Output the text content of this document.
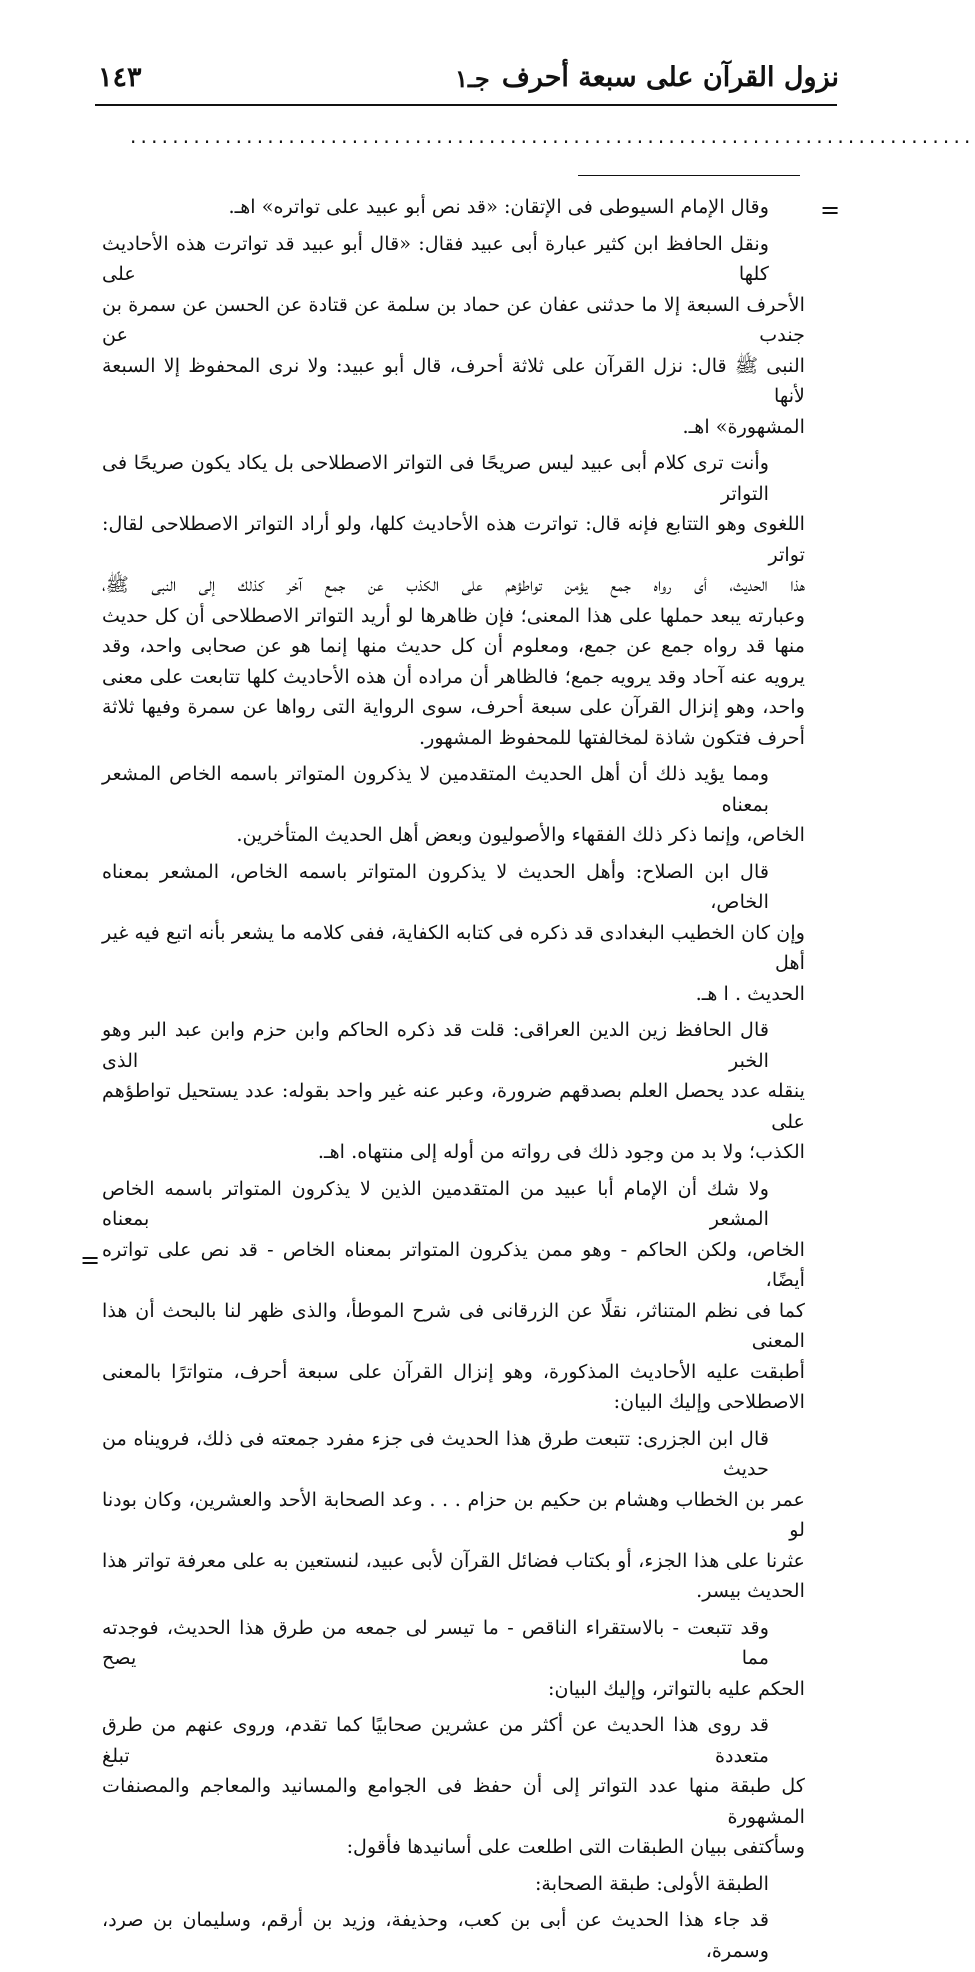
نزول القرآن على سبعة أحرف
جـ١
١٤٣
................................................................................
=
=
وقال الإمام السيوطى فى الإتقان: «قد نص أبو عبيد على تواتره» اهـ.
ونقل الحافظ ابن كثير عبارة أبى عبيد فقال: «قال أبو عبيد قد تواترت هذه الأحاديث كلها على
الأحرف السبعة إلا ما حدثنى عفان عن حماد بن سلمة عن قتادة عن الحسن عن سمرة بن جندب عن
النبى ﷺ قال: نزل القرآن على ثلاثة أحرف، قال أبو عبيد: ولا نرى المحفوظ إلا السبعة لأنها
المشهورة» اهـ.
وأنت ترى كلام أبى عبيد ليس صريحًا فى التواتر الاصطلاحى بل يكاد يكون صريحًا فى التواتر
اللغوى وهو التتابع فإنه قال: تواترت هذه الأحاديث كلها، ولو أراد التواتر الاصطلاحى لقال: تواتر
هذا الحديث، أى رواه جمع يؤمن تواطؤهم على الكذب عن جمع آخر كذلك إلى النبى ﷺ،
وعبارته يبعد حملها على هذا المعنى؛ فإن ظاهرها لو أريد التواتر الاصطلاحى أن كل حديث
منها قد رواه جمع عن جمع، ومعلوم أن كل حديث منها إنما هو عن صحابى واحد، وقد
يرويه عنه آحاد وقد يرويه جمع؛ فالظاهر أن مراده أن هذه الأحاديث كلها تتابعت على معنى
واحد، وهو إنزال القرآن على سبعة أحرف، سوى الرواية التى رواها عن سمرة وفيها ثلاثة
أحرف فتكون شاذة لمخالفتها للمحفوظ المشهور.
ومما يؤيد ذلك أن أهل الحديث المتقدمين لا يذكرون المتواتر باسمه الخاص المشعر بمعناه
الخاص، وإنما ذكر ذلك الفقهاء والأصوليون وبعض أهل الحديث المتأخرين.
قال ابن الصلاح: وأهل الحديث لا يذكرون المتواتر باسمه الخاص، المشعر بمعناه الخاص،
وإن كان الخطيب البغدادى قد ذكره فى كتابه الكفاية، ففى كلامه ما يشعر بأنه اتبع فيه غير أهل
الحديث . ا هـ.
قال الحافظ زين الدين العراقى: قلت قد ذكره الحاكم وابن حزم وابن عبد البر وهو الخبر الذى
ينقله عدد يحصل العلم بصدقهم ضرورة، وعبر عنه غير واحد بقوله: عدد يستحيل تواطؤهم على
الكذب؛ ولا بد من وجود ذلك فى رواته من أوله إلى منتهاه. اهـ.
ولا شك أن الإمام أبا عبيد من المتقدمين الذين لا يذكرون المتواتر باسمه الخاص المشعر بمعناه
الخاص، ولكن الحاكم - وهو ممن يذكرون المتواتر بمعناه الخاص - قد نص على تواتره أيضًا،
كما فى نظم المتناثر، نقلًا عن الزرقانى فى شرح الموطأ، والذى ظهر لنا بالبحث أن هذا المعنى
أطبقت عليه الأحاديث المذكورة، وهو إنزال القرآن على سبعة أحرف، متواترًا بالمعنى
الاصطلاحى وإليك البيان:
قال ابن الجزرى: تتبعت طرق هذا الحديث فى جزء مفرد جمعته فى ذلك، فرويناه من حديث
عمر بن الخطاب وهشام بن حكيم بن حزام . . . وعد الصحابة الأحد والعشرين، وكان بودنا لو
عثرنا على هذا الجزء، أو بكتاب فضائل القرآن لأبى عبيد، لنستعين به على معرفة تواتر هذا
الحديث بيسر.
وقد تتبعت - بالاستقراء الناقص - ما تيسر لى جمعه من طرق هذا الحديث، فوجدته مما يصح
الحكم عليه بالتواتر، وإليك البيان:
قد روى هذا الحديث عن أكثر من عشرين صحابيًا كما تقدم، وروى عنهم من طرق متعددة تبلغ
كل طبقة منها عدد التواتر إلى أن حفظ فى الجوامع والمسانيد والمعاجم والمصنفات المشهورة
وسأكتفى ببيان الطبقات التى اطلعت على أسانيدها فأقول:
الطبقة الأولى: طبقة الصحابة:
قد جاء هذا الحديث عن أبى بن كعب، وحذيفة، وزيد بن أرقم، وسليمان بن صرد، وسمرة،
